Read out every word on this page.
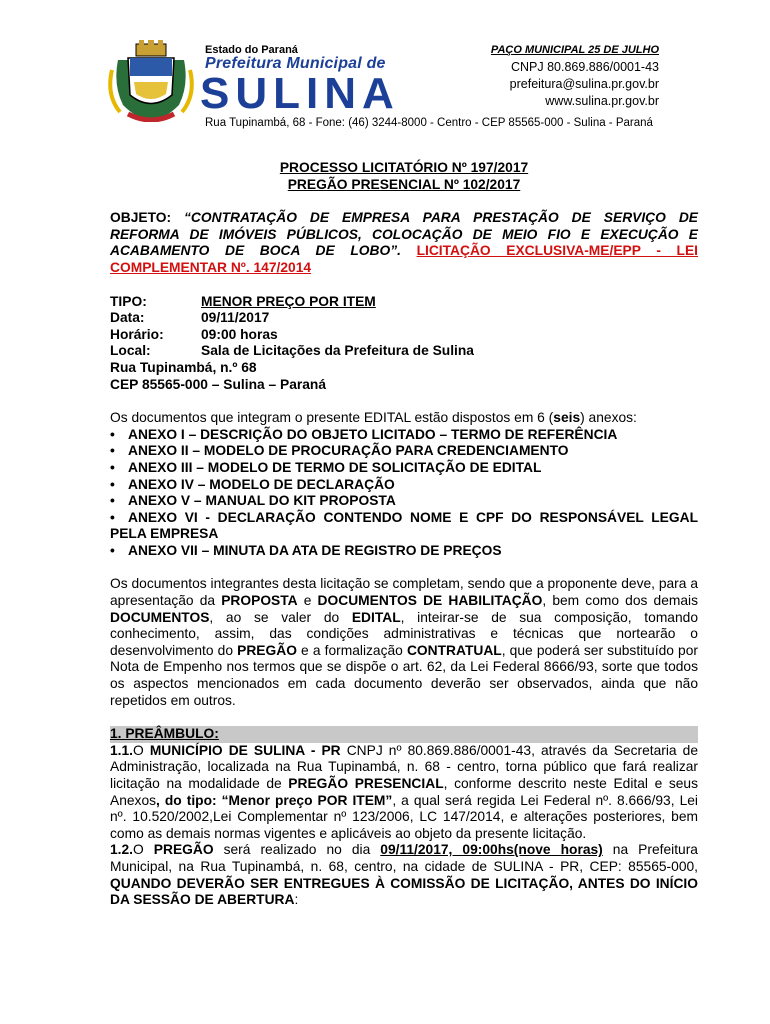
Estado do Paraná
Prefeitura Municipal de
SULINA
Rua Tupinambá, 68 - Fone: (46) 3244-8000 - Centro - CEP 85565-000 - Sulina - Paraná
PAÇO MUNICIPAL 25 DE JULHO
CNPJ 80.869.886/0001-43
prefeitura@sulina.pr.gov.br
www.sulina.pr.gov.br
PROCESSO LICITATÓRIO Nº 197/2017
PREGÃO PRESENCIAL Nº 102/2017

OBJETO: “CONTRATAÇÃO DE EMPRESA PARA PRESTAÇÃO DE SERVIÇO DE REFORMA DE IMÓVEIS PÚBLICOS, COLOCAÇÃO DE MEIO FIO E EXECUÇÃO E ACABAMENTO DE BOCA DE LOBO”. LICITAÇÃO EXCLUSIVA-ME/EPP - LEI COMPLEMENTAR Nº. 147/2014

TIPO:	MENOR PREÇO POR ITEM
Data:	09/11/2017
Horário:	09:00 horas
Local:	Sala de Licitações da Prefeitura de Sulina
Rua Tupinambá, n.º 68
CEP 85565-000 – Sulina – Paraná

Os documentos que integram o presente EDITAL estão dispostos em 6 (seis) anexos:

• ANEXO I – DESCRIÇÃO DO OBJETO LICITADO – TERMO DE REFERÊNCIA
• ANEXO II – MODELO DE PROCURAÇÃO PARA CREDENCIAMENTO
• ANEXO III – MODELO DE TERMO DE SOLICITAÇÃO DE EDITAL
• ANEXO IV – MODELO DE DECLARAÇÃO
• ANEXO V – MANUAL DO KIT PROPOSTA
• ANEXO VI - DECLARAÇÃO CONTENDO NOME E CPF DO RESPONSÁVEL LEGAL PELA EMPRESA
• ANEXO VII – MINUTA DA ATA DE REGISTRO DE PREÇOS

Os documentos integrantes desta licitação se completam, sendo que a proponente deve, para a apresentação da PROPOSTA e DOCUMENTOS DE HABILITAÇÃO, bem como dos demais DOCUMENTOS, ao se valer do EDITAL, inteirar-se de sua composição, tomando conhecimento, assim, das condições administrativas e técnicas que nortearão o desenvolvimento do PREGÃO e a formalização CONTRATUAL, que poderá ser substituído por Nota de Empenho nos termos que se dispõe o art. 62, da Lei Federal 8666/93, sorte que todos os aspectos mencionados em cada documento deverão ser observados, ainda que não repetidos em outros.

1. PREÂMBULO:

1.1.O MUNICÍPIO DE SULINA - PR CNPJ nº 80.869.886/0001-43, através da Secretaria de Administração, localizada na Rua Tupinambá, n. 68 - centro, torna público que fará realizar licitação na modalidade de PREGÃO PRESENCIAL, conforme descrito neste Edital e seus Anexos, do tipo: “Menor preço POR ITEM”, a qual será regida Lei Federal nº. 8.666/93, Lei nº. 10.520/2002,Lei Complementar nº 123/2006, LC 147/2014, e alterações posteriores, bem como as demais normas vigentes e aplicáveis ao objeto da presente licitação.

1.2.O PREGÃO será realizado no dia 09/11/2017, 09:00hs(nove horas) na Prefeitura Municipal, na Rua Tupinambá, n. 68, centro, na cidade de SULINA - PR, CEP: 85565-000, QUANDO DEVERÃO SER ENTREGUES À COMISSÃO DE LICITAÇÃO, ANTES DO INÍCIO DA SESSÃO DE ABERTURA:
